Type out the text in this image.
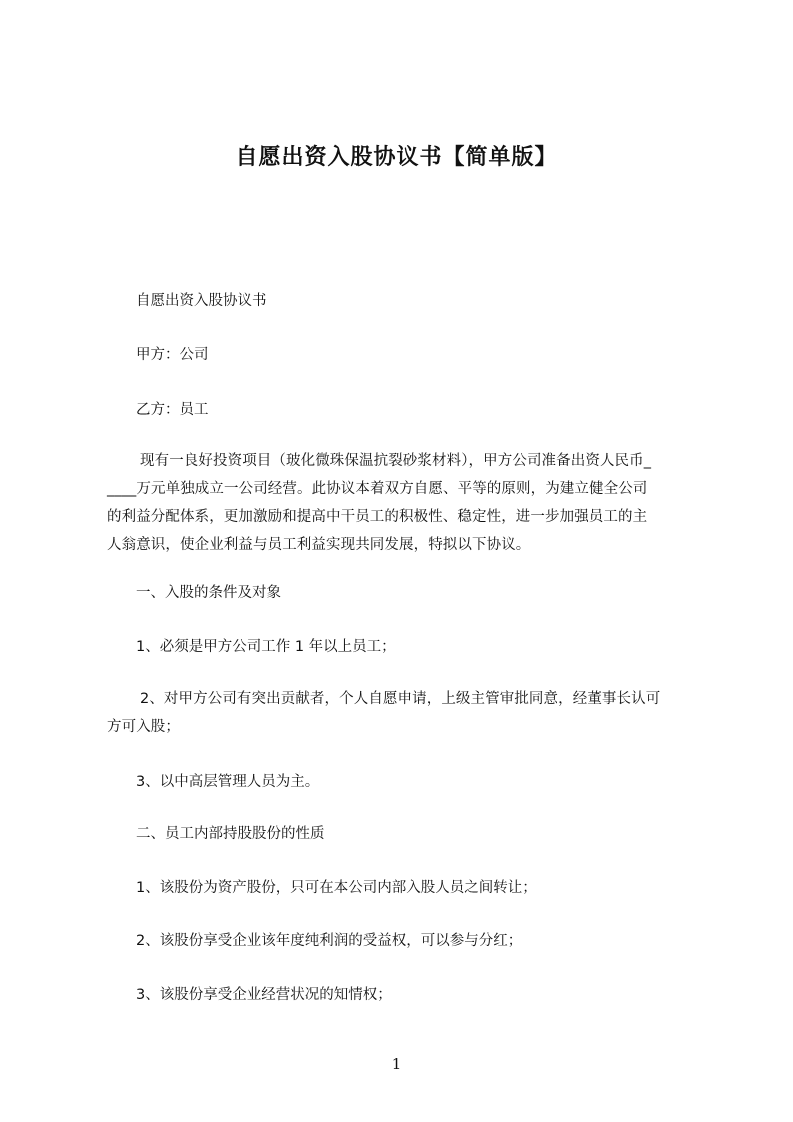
自愿出资入股协议书【简单版】
自愿出资入股协议书
甲方：公司
乙方：员工
现有一良好投资项目（玻化微珠保温抗裂砂浆材料），甲方公司准备出资人民币_
____万元单独成立一公司经营。此协议本着双方自愿、平等的原则，为建立健全公司
的利益分配体系，更加激励和提高中干员工的积极性、稳定性，进一步加强员工的主
人翁意识，使企业利益与员工利益实现共同发展，特拟以下协议。
一、入股的条件及对象
1、必须是甲方公司工作 1 年以上员工；
2、对甲方公司有突出贡献者，个人自愿申请，上级主管审批同意，经董事长认可
方可入股；
3、以中高层管理人员为主。
二、员工内部持股股份的性质
1、该股份为资产股份，只可在本公司内部入股人员之间转让；
2、该股份享受企业该年度纯利润的受益权，可以参与分红；
3、该股份享受企业经营状况的知情权；
1
